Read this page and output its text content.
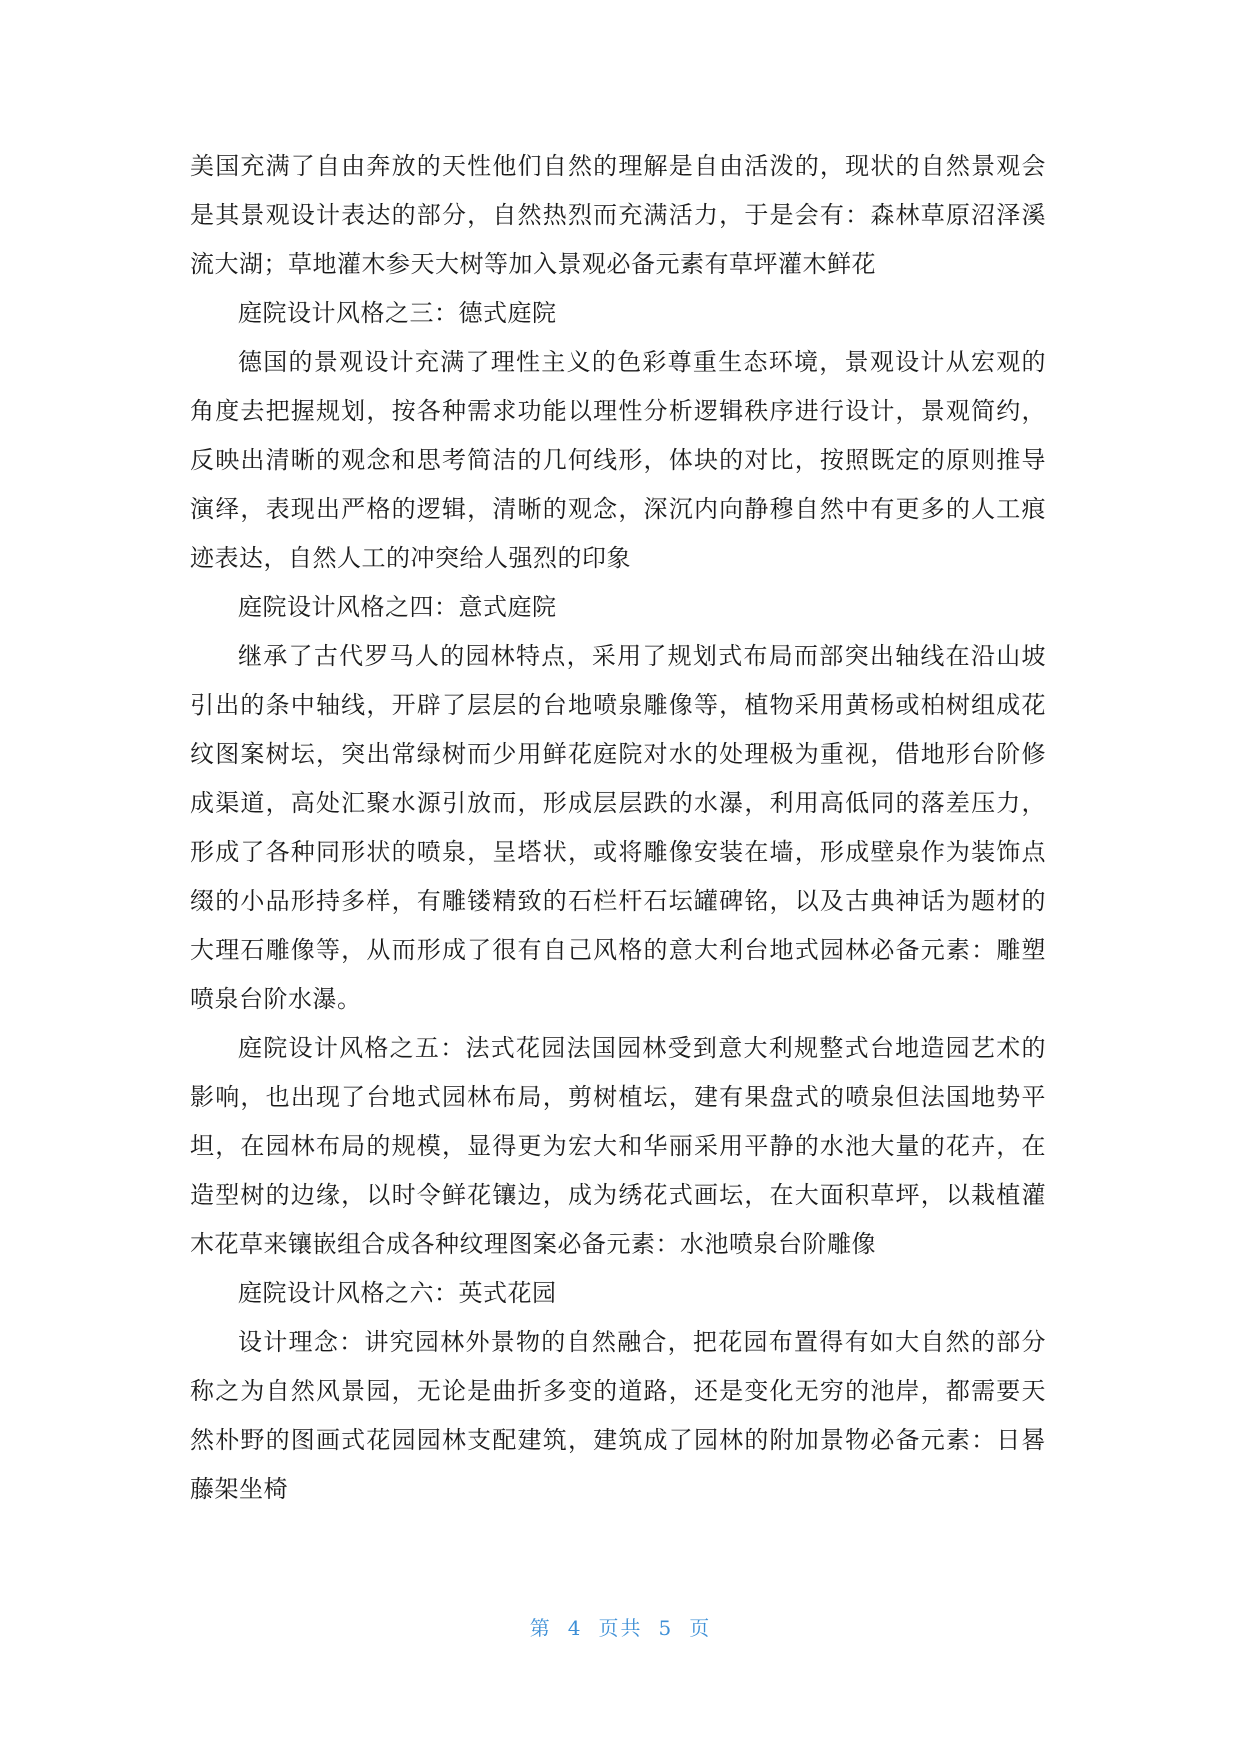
美国充满了自由奔放的天性他们自然的理解是自由活泼的，现状的自然景观会是其景观设计表达的部分，自然热烈而充满活力，于是会有：森林草原沼泽溪流大湖；草地灌木参天大树等加入景观必备元素有草坪灌木鲜花

庭院设计风格之三：德式庭院

德国的景观设计充满了理性主义的色彩尊重生态环境，景观设计从宏观的角度去把握规划，按各种需求功能以理性分析逻辑秩序进行设计，景观简约，反映出清晰的观念和思考简洁的几何线形，体块的对比，按照既定的原则推导演绎，表现出严格的逻辑，清晰的观念，深沉内向静穆自然中有更多的人工痕迹表达，自然人工的冲突给人强烈的印象

庭院设计风格之四：意式庭院

继承了古代罗马人的园林特点，采用了规划式布局而部突出轴线在沿山坡引出的条中轴线，开辟了层层的台地喷泉雕像等，植物采用黄杨或柏树组成花纹图案树坛，突出常绿树而少用鲜花庭院对水的处理极为重视，借地形台阶修成渠道，高处汇聚水源引放而，形成层层跌的水瀑，利用高低同的落差压力，形成了各种同形状的喷泉，呈塔状，或将雕像安装在墙，形成壁泉作为装饰点缀的小品形持多样，有雕镂精致的石栏杆石坛罐碑铭，以及古典神话为题材的大理石雕像等，从而形成了很有自己风格的意大利台地式园林必备元素：雕塑喷泉台阶水瀑。

庭院设计风格之五：法式花园法国园林受到意大利规整式台地造园艺术的影响，也出现了台地式园林布局，剪树植坛，建有果盘式的喷泉但法国地势平坦，在园林布局的规模，显得更为宏大和华丽采用平静的水池大量的花卉，在造型树的边缘，以时令鲜花镶边，成为绣花式画坛，在大面积草坪，以栽植灌木花草来镶嵌组合成各种纹理图案必备元素：水池喷泉台阶雕像

庭院设计风格之六：英式花园

设计理念：讲究园林外景物的自然融合，把花园布置得有如大自然的部分称之为自然风景园，无论是曲折多变的道路，还是变化无穷的池岸，都需要天然朴野的图画式花园园林支配建筑，建筑成了园林的附加景物必备元素：日晷藤架坐椅

第 4 页共 5 页
